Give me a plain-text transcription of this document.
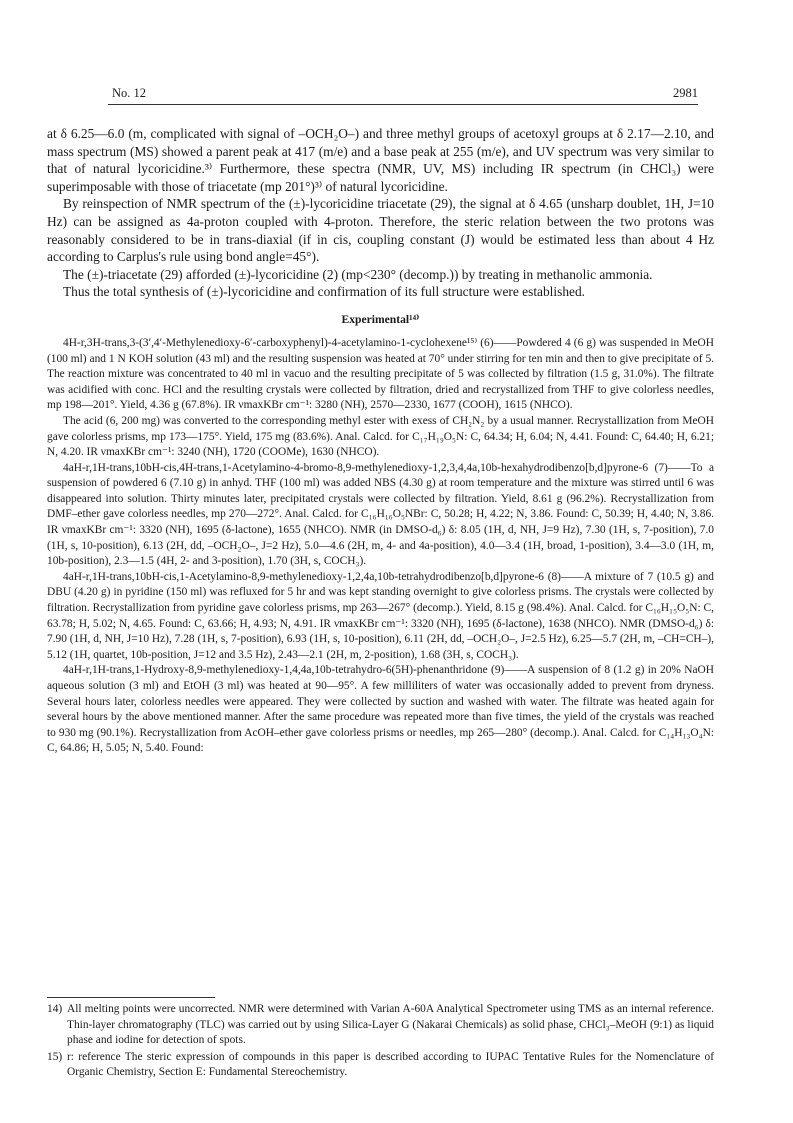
No. 12	2981

at δ 6.25—6.0 (m, complicated with signal of –OCH₂O–) and three methyl groups of acetoxyl groups at δ 2.17—2.10, and mass spectrum (MS) showed a parent peak at 417 (m/e) and a base peak at 255 (m/e), and UV spectrum was very similar to that of natural lycoricidine.³⁾ Furthermore, these spectra (NMR, UV, MS) including IR spectrum (in CHCl₃) were superimposable with those of triacetate (mp 201°)³⁾ of natural lycoricidine.

By reinspection of NMR spectrum of the (±)-lycoricidine triacetate (29), the signal at δ 4.65 (unsharp doublet, 1H, J=10 Hz) can be assigned as 4a-proton coupled with 4-proton. Therefore, the steric relation between the two protons was reasonably considered to be in trans-diaxial (if in cis, coupling constant (J) would be estimated less than about 4 Hz according to Carplus's rule using bond angle=45°).

The (±)-triacetate (29) afforded (±)-lycoricidine (2) (mp<230° (decomp.)) by treating in methanolic ammonia.

Thus the total synthesis of (±)-lycoricidine and confirmation of its full structure were established.

Experimental¹⁴⁾

4H-r,3H-trans,3-(3′,4′-Methylenedioxy-6′-carboxyphenyl)-4-acetylamino-1-cyclohexene¹⁵⁾ (6)——Powdered 4 (6 g) was suspended in MeOH (100 ml) and 1 N KOH solution (43 ml) and the resulting suspension was heated at 70° under stirring for ten min and then to give precipitate of 5. The reaction mixture was concentrated to 40 ml in vacuo and the resulting precipitate of 5 was collected by filtration (1.5 g, 31.0%). The filtrate was acidified with conc. HCl and the resulting crystals were collected by filtration, dried and recrystallized from THF to give colorless needles, mp 198—201°. Yield, 4.36 g (67.8%). IR νmaxKBr cm⁻¹: 3280 (NH), 2570—2330, 1677 (COOH), 1615 (NHCO).

The acid (6, 200 mg) was converted to the corresponding methyl ester with exess of CH₂N₂ by a usual manner. Recrystallization from MeOH gave colorless prisms, mp 173—175°. Yield, 175 mg (83.6%). Anal. Calcd. for C₁₇H₁₉O₅N: C, 64.34; H, 6.04; N, 4.41. Found: C, 64.40; H, 6.21; N, 4.20. IR νmaxKBr cm⁻¹: 3240 (NH), 1720 (COOMe), 1630 (NHCO).

4aH-r,1H-trans,10bH-cis,4H-trans,1-Acetylamino-4-bromo-8,9-methylenedioxy-1,2,3,4,4a,10b-hexahydrodibenzo[b,d]pyrone-6 (7)——To a suspension of powdered 6 (7.10 g) in anhyd. THF (100 ml) was added NBS (4.30 g) at room temperature and the mixture was stirred until 6 was disappeared into solution. Thirty minutes later, precipitated crystals were collected by filtration. Yield, 8.61 g (96.2%). Recrystallization from DMF–ether gave colorless needles, mp 270—272°. Anal. Calcd. for C₁₆H₁₆O₅NBr: C, 50.28; H, 4.22; N, 3.86. Found: C, 50.39; H, 4.40; N, 3.86. IR νmaxKBr cm⁻¹: 3320 (NH), 1695 (δ-lactone), 1655 (NHCO). NMR (in DMSO-d₆) δ: 8.05 (1H, d, NH, J=9 Hz), 7.30 (1H, s, 7-position), 7.0 (1H, s, 10-position), 6.13 (2H, dd, –OCH₂O–, J=2 Hz), 5.0—4.6 (2H, m, 4- and 4a-position), 4.0—3.4 (1H, broad, 1-position), 3.4—3.0 (1H, m, 10b-position), 2.3—1.5 (4H, 2- and 3-position), 1.70 (3H, s, COCH₃).

4aH-r,1H-trans,10bH-cis,1-Acetylamino-8,9-methylenedioxy-1,2,4a,10b-tetrahydrodibenzo[b,d]pyrone-6 (8)——A mixture of 7 (10.5 g) and DBU (4.20 g) in pyridine (150 ml) was refluxed for 5 hr and was kept standing overnight to give colorless prisms. The crystals were collected by filtration. Recrystallization from pyridine gave colorless prisms, mp 263—267° (decomp.). Yield, 8.15 g (98.4%). Anal. Calcd. for C₁₆H₁₅O₅N: C, 63.78; H, 5.02; N, 4.65. Found: C, 63.66; H, 4.93; N, 4.91. IR νmaxKBr cm⁻¹: 3320 (NH), 1695 (δ-lactone), 1638 (NHCO). NMR (DMSO-d₆) δ: 7.90 (1H, d, NH, J=10 Hz), 7.28 (1H, s, 7-position), 6.93 (1H, s, 10-position), 6.11 (2H, dd, –OCH₂O–, J=2.5 Hz), 6.25—5.7 (2H, m, –CH=CH–), 5.12 (1H, quartet, 10b-position, J=12 and 3.5 Hz), 2.43—2.1 (2H, m, 2-position), 1.68 (3H, s, COCH₃).

4aH-r,1H-trans,1-Hydroxy-8,9-methylenedioxy-1,4,4a,10b-tetrahydro-6(5H)-phenanthridone (9)——A suspension of 8 (1.2 g) in 20% NaOH aqueous solution (3 ml) and EtOH (3 ml) was heated at 90—95°. A few milliliters of water was occasionally added to prevent from dryness. Several hours later, colorless needles were appeared. They were collected by suction and washed with water. The filtrate was heated again for several hours by the above mentioned manner. After the same procedure was repeated more than five times, the yield of the crystals was reached to 930 mg (90.1%). Recrystallization from AcOH–ether gave colorless prisms or needles, mp 265—280° (decomp.). Anal. Calcd. for C₁₄H₁₃O₄N: C, 64.86; H, 5.05; N, 5.40. Found:

14) All melting points were uncorrected. NMR were determined with Varian A-60A Analytical Spectrometer using TMS as an internal reference. Thin-layer chromatography (TLC) was carried out by using Silica-Layer G (Nakarai Chemicals) as solid phase, CHCl₃–MeOH (9:1) as liquid phase and iodine for detection of spots.

15) r: reference The steric expression of compounds in this paper is described according to IUPAC Tentative Rules for the Nomenclature of Organic Chemistry, Section E: Fundamental Stereochemistry.
